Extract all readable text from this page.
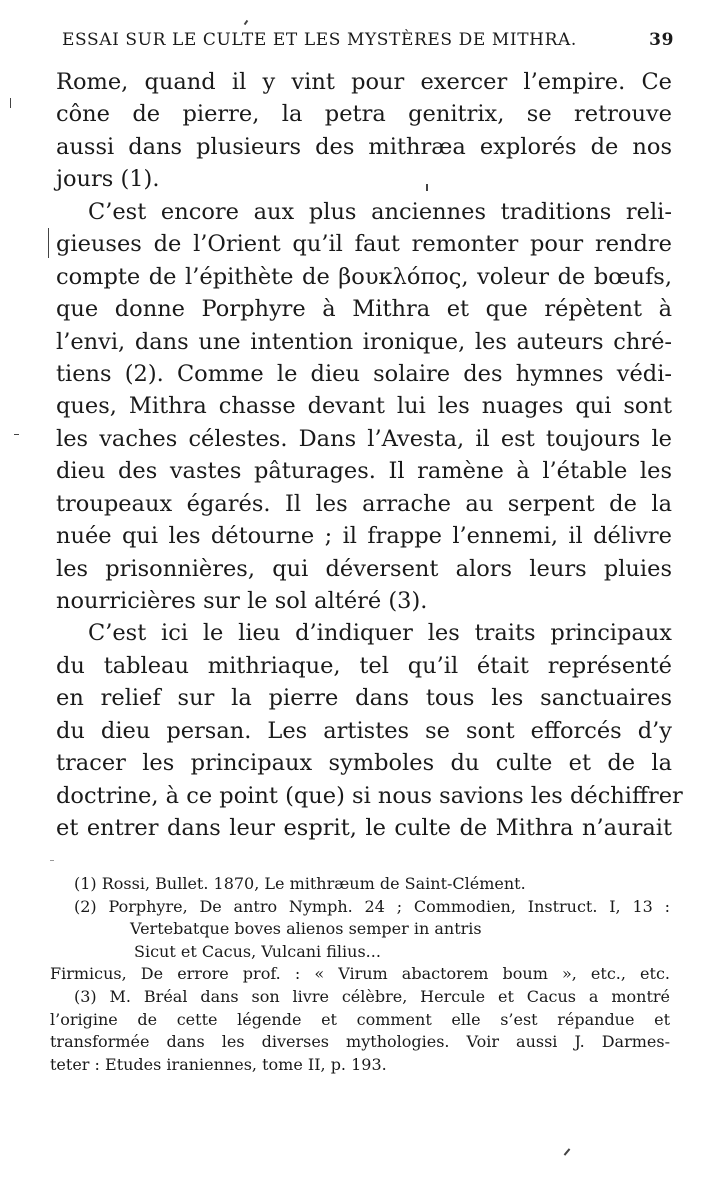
ESSAI SUR LE CULTE ET LES MYSTÈRES DE MITHRA.	39
Rome, quand il y vint pour exercer l’empire. Ce
cône de pierre, la petra genitrix, se retrouve
aussi dans plusieurs des mithræa explorés de nos
jours (1).
C’est encore aux plus anciennes traditions reli-
gieuses de l’Orient qu’il faut remonter pour rendre
compte de l’épithète de βουκλόπος, voleur de bœufs,
que donne Porphyre à Mithra et que répètent à
l’envi, dans une intention ironique, les auteurs chré-
tiens (2). Comme le dieu solaire des hymnes védi-
ques, Mithra chasse devant lui les nuages qui sont
les vaches célestes. Dans l’Avesta, il est toujours le
dieu des vastes pâturages. Il ramène à l’étable les
troupeaux égarés. Il les arrache au serpent de la
nuée qui les détourne ; il frappe l’ennemi, il délivre
les prisonnières, qui déversent alors leurs pluies
nourricières sur le sol altéré (3).
C’est ici le lieu d’indiquer les traits principaux
du tableau mithriaque, tel qu’il était représenté
en relief sur la pierre dans tous les sanctuaires
du dieu persan. Les artistes se sont efforcés d’y
tracer les principaux symboles du culte et de la
doctrine, à ce point (que) si nous savions les déchiffrer
et entrer dans leur esprit, le culte de Mithra n’aurait
(1) Rossi, Bullet. 1870, Le mithræum de Saint-Clément.
(2) Porphyre, De antro Nymph. 24 ; Commodien, Instruct. I, 13 :
Vertebatque boves alienos semper in antris
Sicut et Cacus, Vulcani filius...
Firmicus, De errore prof. : « Virum abactorem boum », etc., etc.
(3) M. Bréal dans son livre célèbre, Hercule et Cacus a montré
l’origine de cette légende et comment elle s’est répandue et
transformée dans les diverses mythologies. Voir aussi J. Darmes-
teter : Etudes iraniennes, tome II, p. 193.
